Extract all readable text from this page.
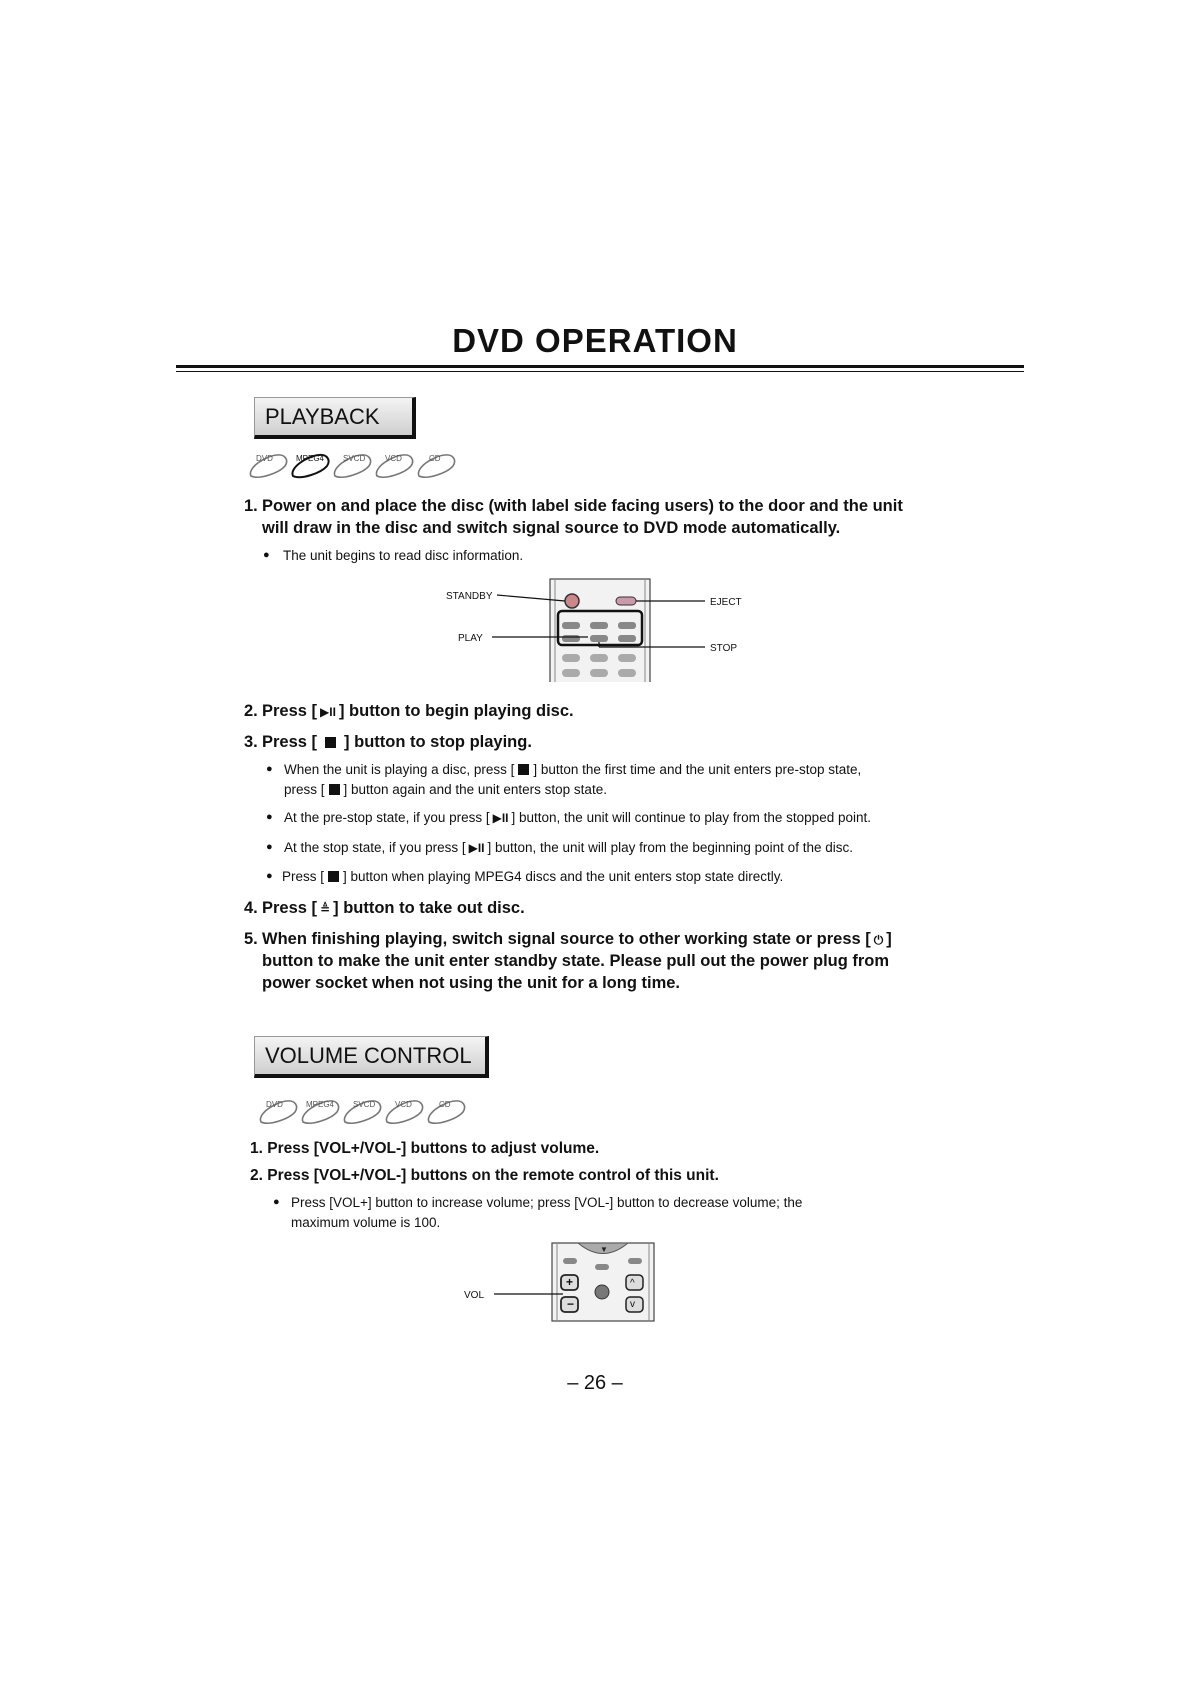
DVD OPERATION
PLAYBACK
DVD	MPEG4 SVCD VCD	CD
1. Power on and place the disc (with label side facing users) to the door and the unit
will draw in the disc and switch signal source to DVD mode automatically.
● The unit begins to read disc information.
STANDBY
PLAY
EJECT
STOP
2. Press [ ▶II ] button to begin playing disc.
3. Press [ ] button to stop playing.
● When the unit is playing a disc, press [ ] button the first time and the unit enters pre-stop state,
press [ ] button again and the unit enters stop state.
● At the pre-stop state, if you press [ ▶II ] button, the unit will continue to play from the stopped point.
● At the stop state, if you press [ ▶II ] button, the unit will play from the beginning point of the disc.
● Press [ ] button when playing MPEG4 discs and the unit enters stop state directly.
4. Press [ ≜ ] button to take out disc.
5. When finishing playing, switch signal source to other working state or press [ ⏻ ]
button to make the unit enter standby state. Please pull out the power plug from
power socket when not using the unit for a long time.
VOLUME CONTROL
DVD	MPEG4 SVCD VCD	CD
1. Press [VOL+/VOL-] buttons to adjust volume.
2. Press [VOL+/VOL-] buttons on the remote control of this unit.
● Press [VOL+] button to increase volume; press [VOL-] button to decrease volume; the
maximum volume is 100.
▼
+
−
^
v
VOL
– 26 –
